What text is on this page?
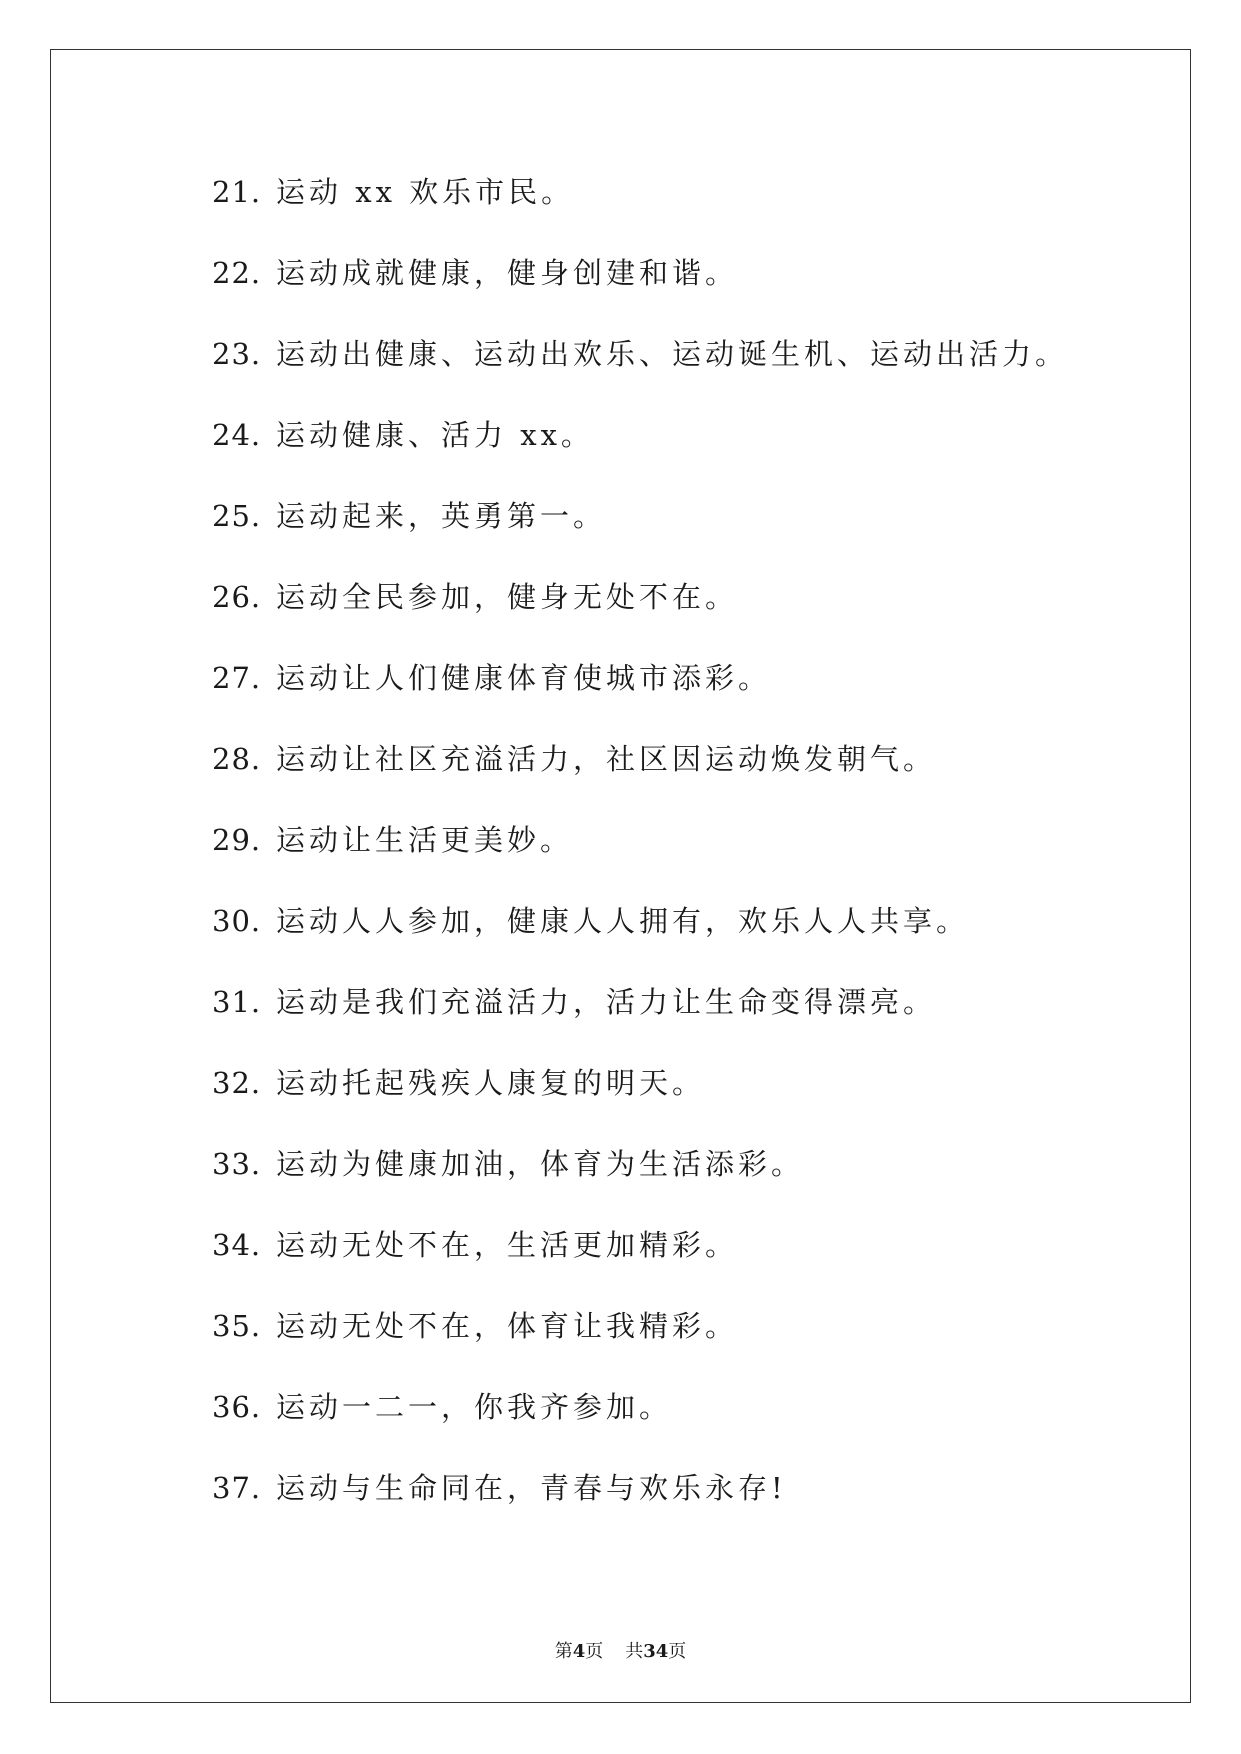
21. 运动 xx 欢乐市民。
22. 运动成就健康，健身创建和谐。
23. 运动出健康、运动出欢乐、运动诞生机、运动出活力。
24. 运动健康、活力 xx。
25. 运动起来，英勇第一。
26. 运动全民参加，健身无处不在。
27. 运动让人们健康体育使城市添彩。
28. 运动让社区充溢活力，社区因运动焕发朝气。
29. 运动让生活更美妙。
30. 运动人人参加，健康人人拥有，欢乐人人共享。
31. 运动是我们充溢活力，活力让生命变得漂亮。
32. 运动托起残疾人康复的明天。
33. 运动为健康加油，体育为生活添彩。
34. 运动无处不在，生活更加精彩。
35. 运动无处不在，体育让我精彩。
36. 运动一二一，你我齐参加。
37. 运动与生命同在，青春与欢乐永存!
第4页 共34页
